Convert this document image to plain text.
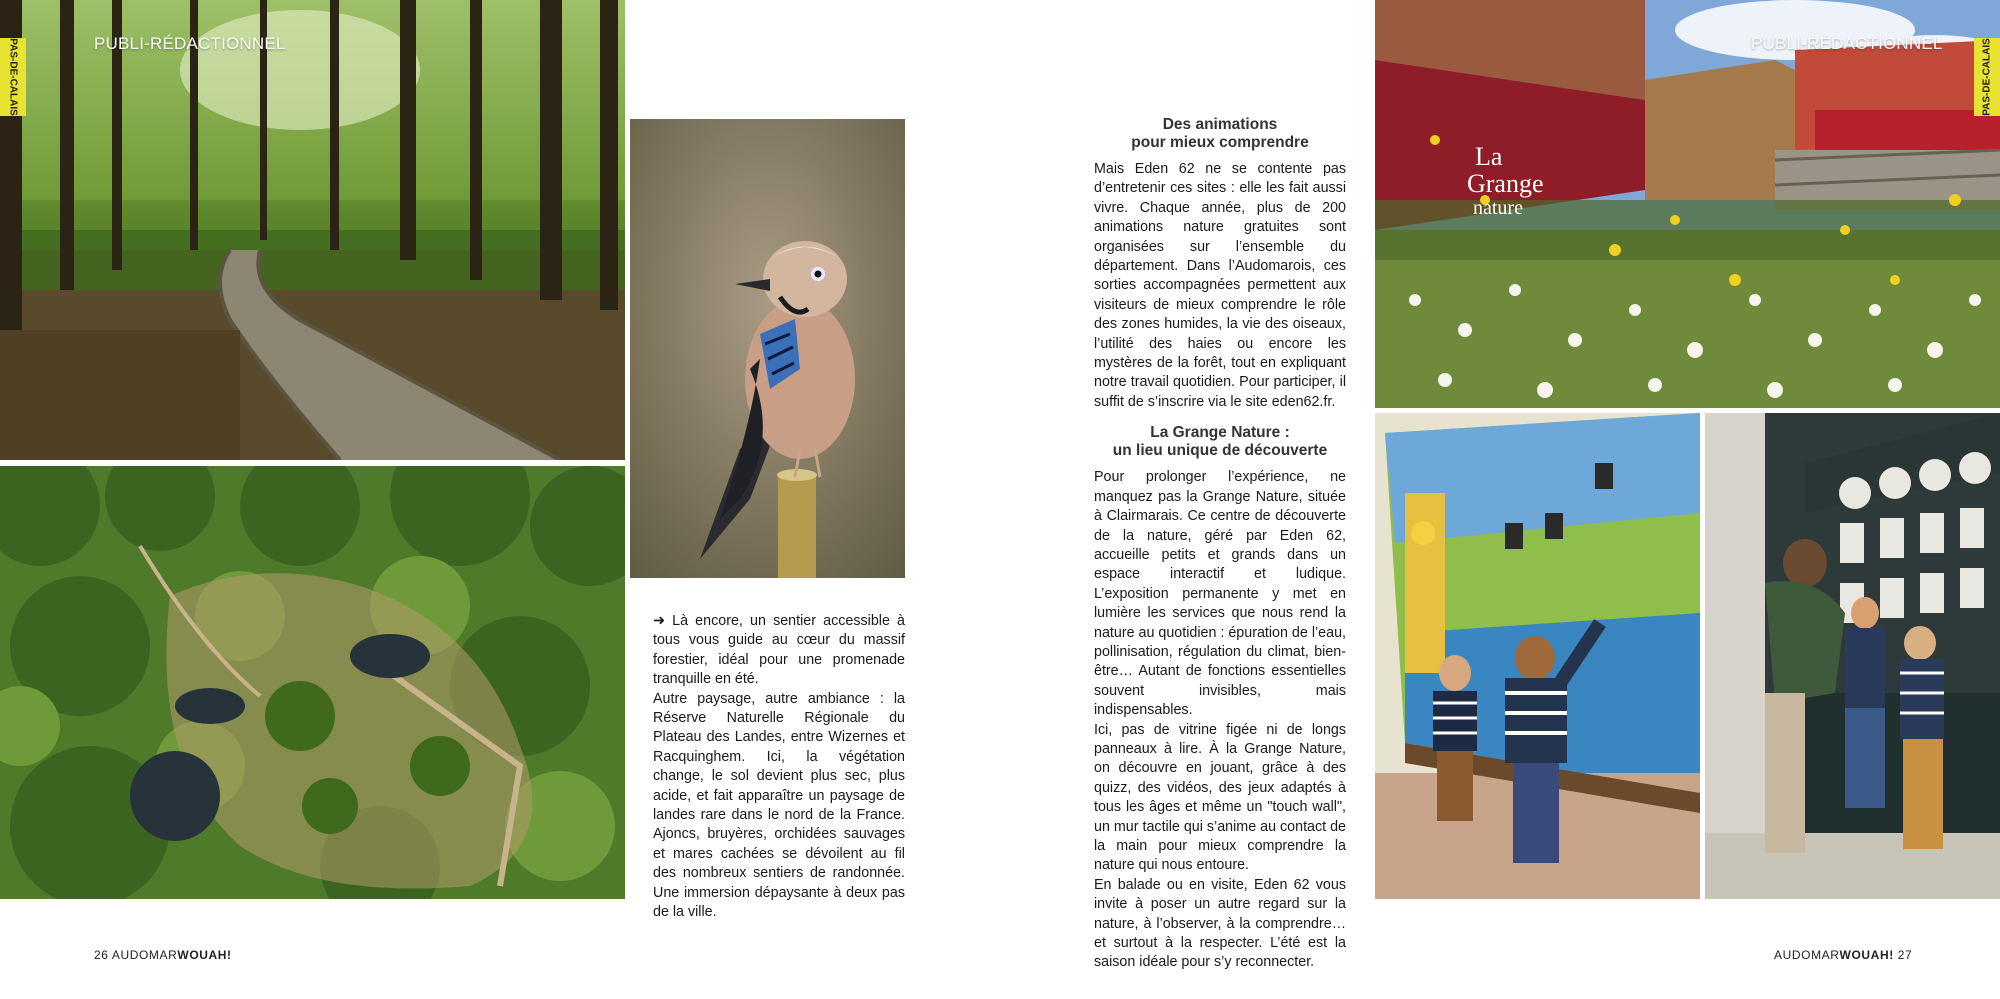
PAS-DE-CALAIS	PUBLI-RÉDACTIONNEL

➜ Là encore, un sentier accessible à tous vous guide au cœur du massif forestier, idéal pour une promenade tranquille en été.

Autre paysage, autre ambiance : la Réserve Naturelle Régionale du Plateau des Landes, entre Wizernes et Racquinghem. Ici, la végétation change, le sol devient plus sec, plus acide, et fait apparaître un paysage de landes rare dans le nord de la France. Ajoncs, bruyères, orchidées sauvages et mares cachées se dévoilent au fil des nombreux sentiers de randonnée. Une immersion dépaysante à deux pas de la ville.

26 AUDOMARWOUAH!
Des animations
pour mieux comprendre

Mais Eden 62 ne se contente pas d’entretenir ces sites : elle les fait aussi vivre. Chaque année, plus de 200 animations nature gratuites sont organisées sur l’ensemble du département. Dans l’Audomarois, ces sorties accompagnées permettent aux visiteurs de mieux comprendre le rôle des zones humides, la vie des oiseaux, l’utilité des haies ou encore les mystères de la forêt, tout en expliquant notre travail quotidien. Pour participer, il suffit de s’inscrire via le site eden62.fr.

La Grange Nature :
un lieu unique de découverte

Pour prolonger l’expérience, ne manquez pas la Grange Nature, située à Clairmarais. Ce centre de découverte de la nature, géré par Eden 62, accueille petits et grands dans un espace interactif et ludique. L’exposition permanente y met en lumière les services que nous rend la nature au quotidien : épuration de l’eau, pollinisation, régulation du climat, bien-être… Autant de fonctions essentielles souvent invisibles, mais indispensables.

Ici, pas de vitrine figée ni de longs panneaux à lire. À la Grange Nature, on découvre en jouant, grâce à des quizz, des vidéos, des jeux adaptés à tous les âges et même un "touch wall", un mur tactile qui s’anime au contact de la main pour mieux comprendre la nature qui nous entoure.

En balade ou en visite, Eden 62 vous invite à poser un autre regard sur la nature, à l’observer, à la comprendre… et surtout à la respecter. L’été est la saison idéale pour s’y reconnecter.

La
Grange
nature
PAS-DE-CALAIS
PUBLI-RÉDACTIONNEL
AUDOMARWOUAH! 27
